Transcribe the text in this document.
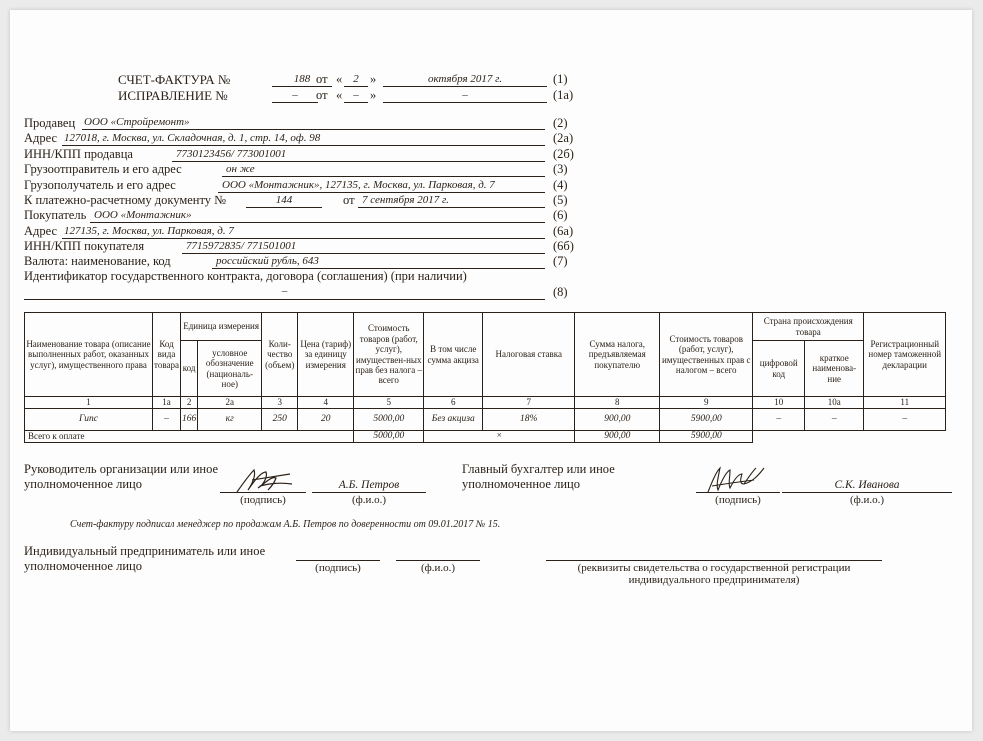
СЧЕТ-ФАКТУРА №	188 от «	2 »	октября 2017 г.	(1)
ИСПРАВЛЕНИЕ №	–	от «	– »	–	(1а)
Продавец ООО «Стройремонт»	(2)
Адрес 127018, г. Москва, ул. Складочная, д. 1, стр. 14, оф. 98	(2а)
ИНН/КПП продавца	7730123456/ 773001001	(2б)
Грузоотправитель и его адрес	он же	(3)
Грузополучатель и его адрес	ООО «Монтажник», 127135, г. Москва, ул. Парковая, д. 7	(4)
К платежно-расчетному документу №	144	от 7 сентября 2017 г.	(5)
Покупатель ООО «Монтажник»	(6)
Адрес 127135, г. Москва, ул. Парковая, д. 7	(6а)
ИНН/КПП покупателя	7715972835/ 771501001	(6б)
Валюта: наименование, код	российский рубль, 643	(7)
Идентификатор государственного контракта, договора (соглашения) (при наличии)
–	(8)
Наименование товара (описание выполненных работ, оказанных услуг), имущественного права	Код вида товара	Единица измерения		Коли-чество (объем)	Цена (тариф) за единицу измерения	Стоимость товаров (работ, услуг), имуществен-ных прав без налога – всего	В том числе сумма акциза	Налоговая ставка	Сумма налога, предъявляемая покупателю	Стоимость товаров (работ, услуг), имущественных прав с налогом – всего	Страна происхождения товара		Регистрационный номер таможенной декларации
		код	условное обозначение (националь-ное)								цифровой код	краткое наименова-ние	
1	1а	2	2а	3	4	5	6	7	8	9	10	10а	11
Гипс	–	166	кг	250	20	5000,00	Без акциза	18%	900,00	5900,00	–	–	–
Всего к оплате						5000,00	×		900,00	5900,00			
Руководитель организации или иное уполномоченное лицо
(подпись)
А.Б. Петров
(ф.и.о.)
Главный бухгалтер или иное уполномоченное лицо
(подпись)
С.К. Иванова
(ф.и.о.)
Счет-фактуру подписал менеджер по продажам А.Б. Петров по доверенности от 09.01.2017 № 15.
Индивидуальный предприниматель или иное уполномоченное лицо	(подпись)	(ф.и.о.)	(реквизиты свидетельства о государственной регистрации индивидуального предпринимателя)
